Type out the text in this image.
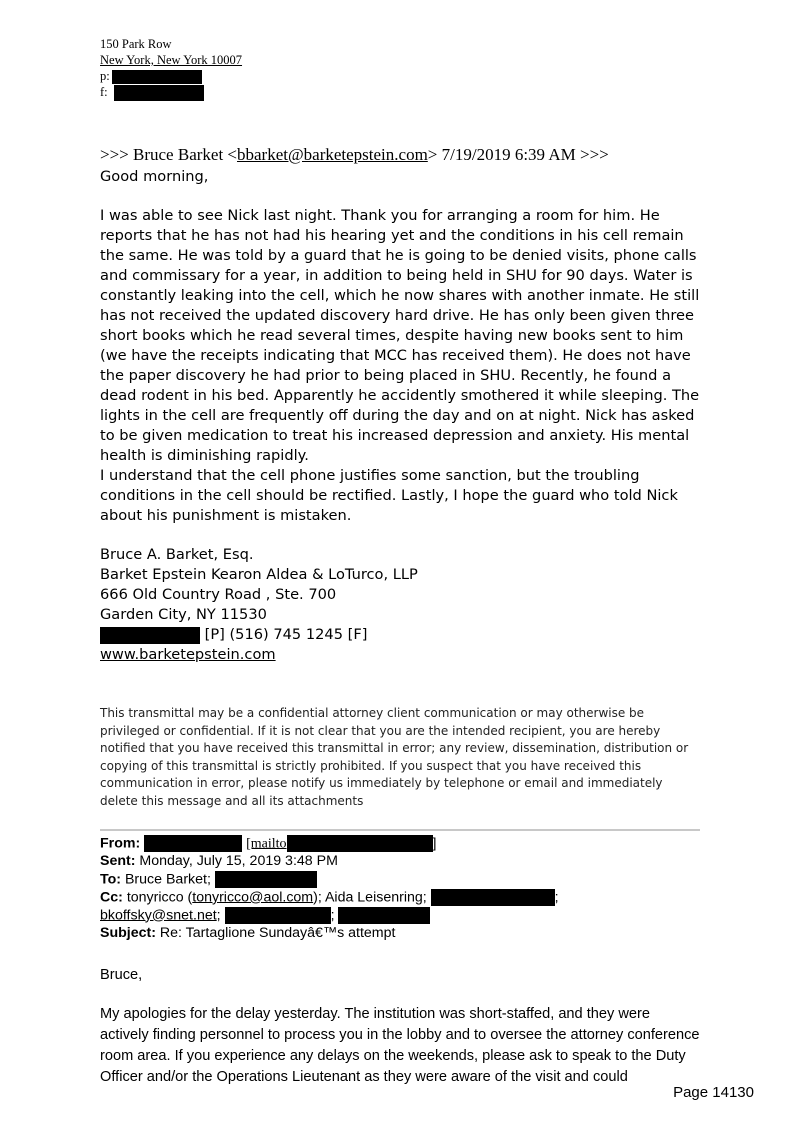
150 Park Row
New York, New York 10007
p:
f:
>>> Bruce Barket <bbarket@barketepstein.com> 7/19/2019 6:39 AM >>>
Good morning,

I was able to see Nick last night. Thank you for arranging a room for him. He reports that he has not had his hearing yet and the conditions in his cell remain the same. He was told by a guard that he is going to be denied visits, phone calls and commissary for a year, in addition to being held in SHU for 90 days. Water is constantly leaking into the cell, which he now shares with another inmate. He still has not received the updated discovery hard drive. He has only been given three short books which he read several times, despite having new books sent to him (we have the receipts indicating that MCC has received them). He does not have the paper discovery he had prior to being placed in SHU. Recently, he found a dead rodent in his bed. Apparently he accidently smothered it while sleeping. The lights in the cell are frequently off during the day and on at night. Nick has asked to be given medication to treat his increased depression and anxiety. His mental health is diminishing rapidly.

I understand that the cell phone justifies some sanction, but the troubling conditions in the cell should be rectified. Lastly, I hope the guard who told Nick about his punishment is mistaken.

Bruce A. Barket, Esq.
Barket Epstein Kearon Aldea & LoTurco, LLP
666 Old Country Road , Ste. 700
Garden City, NY 11530
[P] (516) 745 1245 [F]
www.barketepstein.com
This transmittal may be a confidential attorney client communication or may otherwise be privileged or confidential. If it is not clear that you are the intended recipient, you are hereby notified that you have received this transmittal in error; any review, dissemination, distribution or copying of this transmittal is strictly prohibited. If you suspect that you have received this communication in error, please notify us immediately by telephone or email and immediately delete this message and all its attachments
From:	[mailto	]
Sent: Monday, July 15, 2019 3:48 PM
To: Bruce Barket;
Cc: tonyricco (tonyricco@aol.com); Aida Leisenring;	;
bkoffsky@snet.net;	;
Subject: Re: Tartaglione Sundayâ€™s attempt
Bruce,
My apologies for the delay yesterday. The institution was short-staffed, and they were actively finding personnel to process you in the lobby and to oversee the attorney conference room area. If you experience any delays on the weekends, please ask to speak to the Duty Officer and/or the Operations Lieutenant as they were aware of the visit and could
Page 14130
